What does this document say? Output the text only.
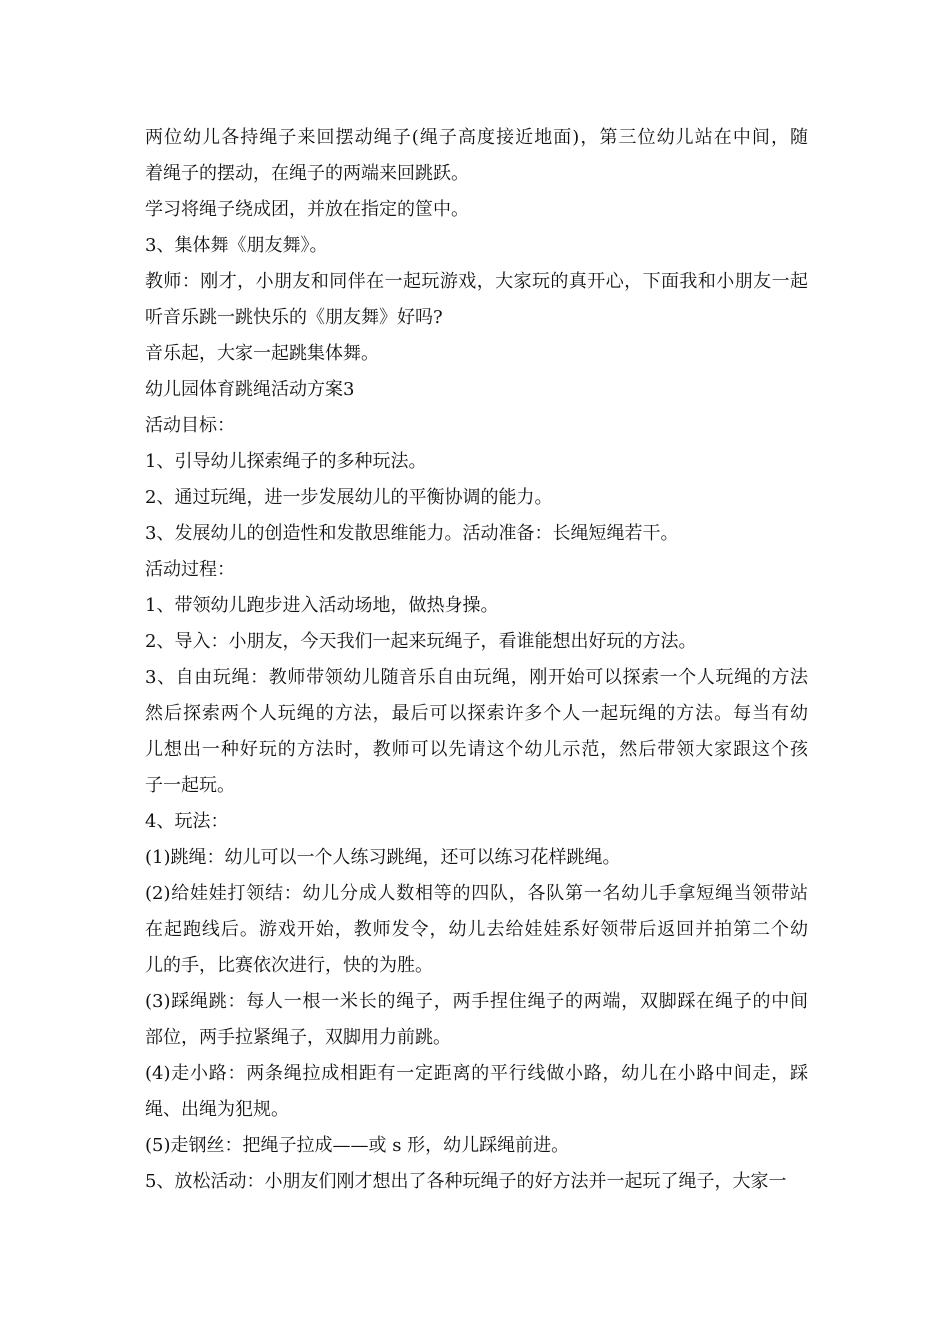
两位幼儿各持绳子来回摆动绳子(绳子高度接近地面)，第三位幼儿站在中间，随
着绳子的摆动，在绳子的两端来回跳跃。
学习将绳子绕成团，并放在指定的筐中。
3、集体舞《朋友舞》。
教师：刚才，小朋友和同伴在一起玩游戏，大家玩的真开心，下面我和小朋友一起
听音乐跳一跳快乐的《朋友舞》好吗?
音乐起，大家一起跳集体舞。
幼儿园体育跳绳活动方案3
活动目标：
1、引导幼儿探索绳子的多种玩法。
2、通过玩绳，进一步发展幼儿的平衡协调的能力。
3、发展幼儿的创造性和发散思维能力。活动准备：长绳短绳若干。
活动过程：
1、带领幼儿跑步进入活动场地，做热身操。
2、导入：小朋友，今天我们一起来玩绳子，看谁能想出好玩的方法。
3、自由玩绳：教师带领幼儿随音乐自由玩绳，刚开始可以探索一个人玩绳的方法
然后探索两个人玩绳的方法，最后可以探索许多个人一起玩绳的方法。每当有幼
儿想出一种好玩的方法时，教师可以先请这个幼儿示范，然后带领大家跟这个孩
子一起玩。
4、玩法：
(1)跳绳：幼儿可以一个人练习跳绳，还可以练习花样跳绳。
(2)给娃娃打领结：幼儿分成人数相等的四队，各队第一名幼儿手拿短绳当领带站
在起跑线后。游戏开始，教师发令，幼儿去给娃娃系好领带后返回并拍第二个幼
儿的手，比赛依次进行，快的为胜。
(3)踩绳跳：每人一根一米长的绳子，两手捏住绳子的两端，双脚踩在绳子的中间
部位，两手拉紧绳子，双脚用力前跳。
(4)走小路：两条绳拉成相距有一定距离的平行线做小路，幼儿在小路中间走，踩
绳、出绳为犯规。
(5)走钢丝：把绳子拉成——或 s 形，幼儿踩绳前进。
5、放松活动：小朋友们刚才想出了各种玩绳子的好方法并一起玩了绳子，大家一
